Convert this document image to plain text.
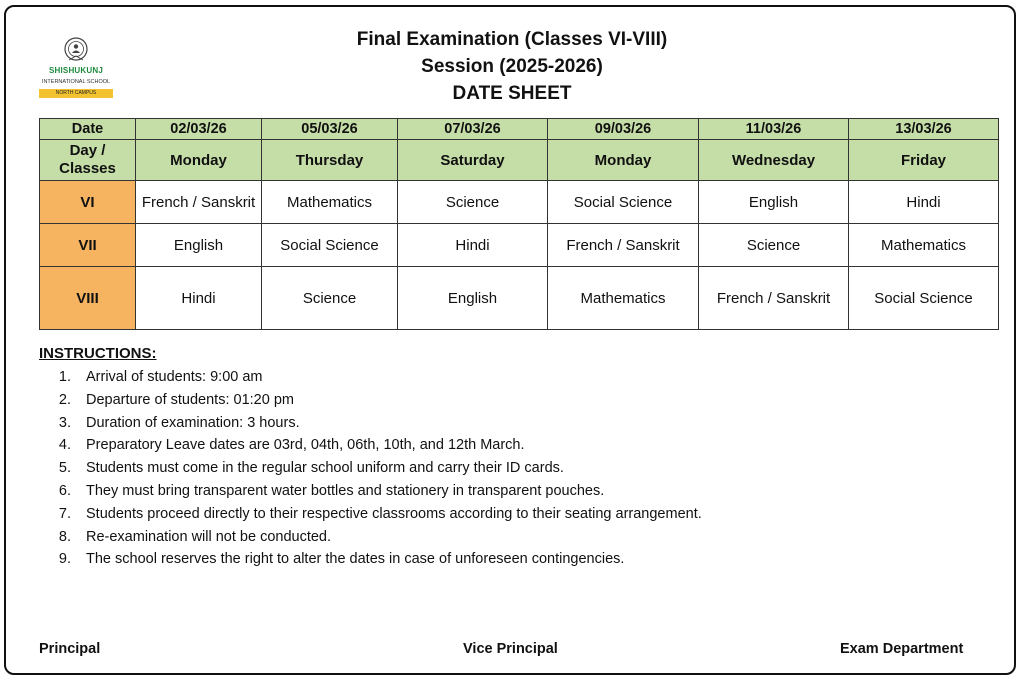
SHISHUKUNJ
INTERNATIONAL SCHOOL
NORTH CAMPUS
Final Examination (Classes VI-VIII)
Session (2025-2026)
DATE SHEET
Date	02/03/26	05/03/26	07/03/26	09/03/26	11/03/26	13/03/26

Day /
Classes	Monday	Thursday	Saturday	Monday	Wednesday	Friday
VI	French / Sanskrit	Mathematics	Science	Social Science	English	Hindi
VII	English	Social Science	Hindi	French / Sanskrit	Science	Mathematics
VIII	Hindi	Science	English	Mathematics	French / Sanskrit	Social Science
INSTRUCTIONS:
1. Arrival of students: 9:00 am
2. Departure of students: 01:20 pm
3. Duration of examination: 3 hours.
4. Preparatory Leave dates are 03rd, 04th, 06th, 10th, and 12th March.
5. Students must come in the regular school uniform and carry their ID cards.
6. They must bring transparent water bottles and stationery in transparent pouches.
7. Students proceed directly to their respective classrooms according to their seating arrangement.
8. Re-examination will not be conducted.
9. The school reserves the right to alter the dates in case of unforeseen contingencies.
Principal	Vice Principal	Exam Department
